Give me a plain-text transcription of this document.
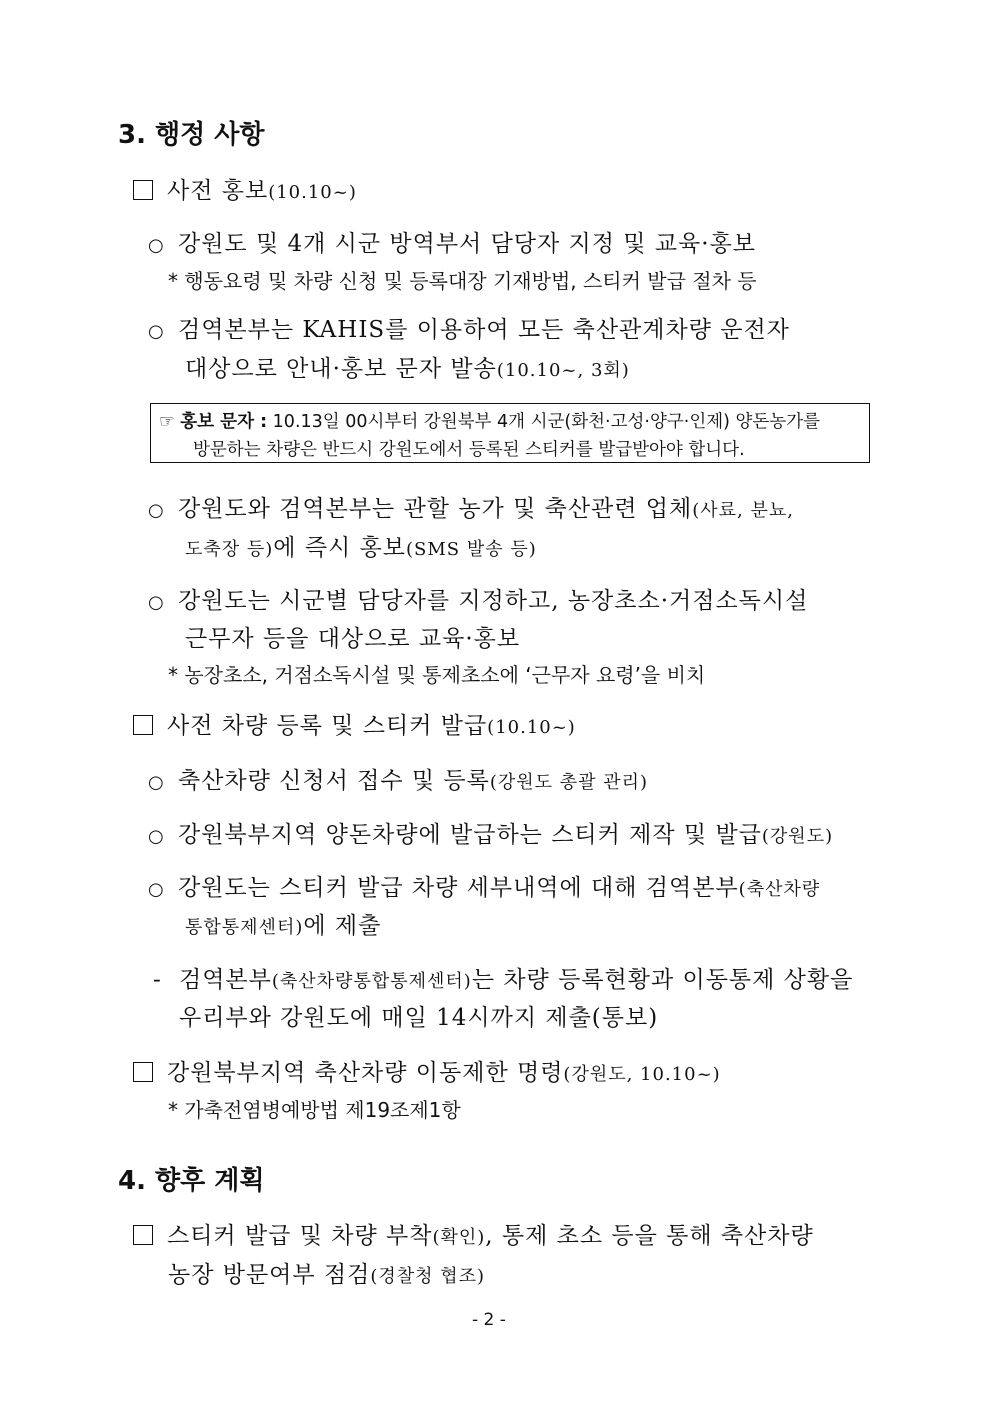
3. 행정 사항
사전 홍보(10.10~)
○ 강원도 및 4개 시군 방역부서 담당자 지정 및 교육·홍보
* 행동요령 및 차량 신청 및 등록대장 기재방법, 스티커 발급 절차 등
○ 검역본부는 KAHIS를 이용하여 모든 축산관계차량 운전자
대상으로 안내·홍보 문자 발송(10.10~, 3회)
☞ 홍보 문자 : 10.13일 00시부터 강원북부 4개 시군(화천·고성·양구·인제) 양돈농가를
방문하는 차량은 반드시 강원도에서 등록된 스티커를 발급받아야 합니다.
○ 강원도와 검역본부는 관할 농가 및 축산관련 업체(사료, 분뇨,
도축장 등)에 즉시 홍보(SMS 발송 등)
○ 강원도는 시군별 담당자를 지정하고, 농장초소·거점소독시설
근무자 등을 대상으로 교육·홍보
* 농장초소, 거점소독시설 및 통제초소에 ‘근무자 요령’을 비치
사전 차량 등록 및 스티커 발급(10.10~)
○ 축산차량 신청서 접수 및 등록(강원도 총괄 관리)
○ 강원북부지역 양돈차량에 발급하는 스티커 제작 및 발급(강원도)
○ 강원도는 스티커 발급 차량 세부내역에 대해 검역본부(축산차량
통합통제센터)에 제출
- 검역본부(축산차량통합통제센터)는 차량 등록현황과 이동통제 상황을
우리부와 강원도에 매일 14시까지 제출(통보)
강원북부지역 축산차량 이동제한 명령(강원도, 10.10~)
* 가축전염병예방법 제19조제1항
4. 향후 계획
스티커 발급 및 차량 부착(확인), 통제 초소 등을 통해 축산차량
농장 방문여부 점검(경찰청 협조)
- 2 -
